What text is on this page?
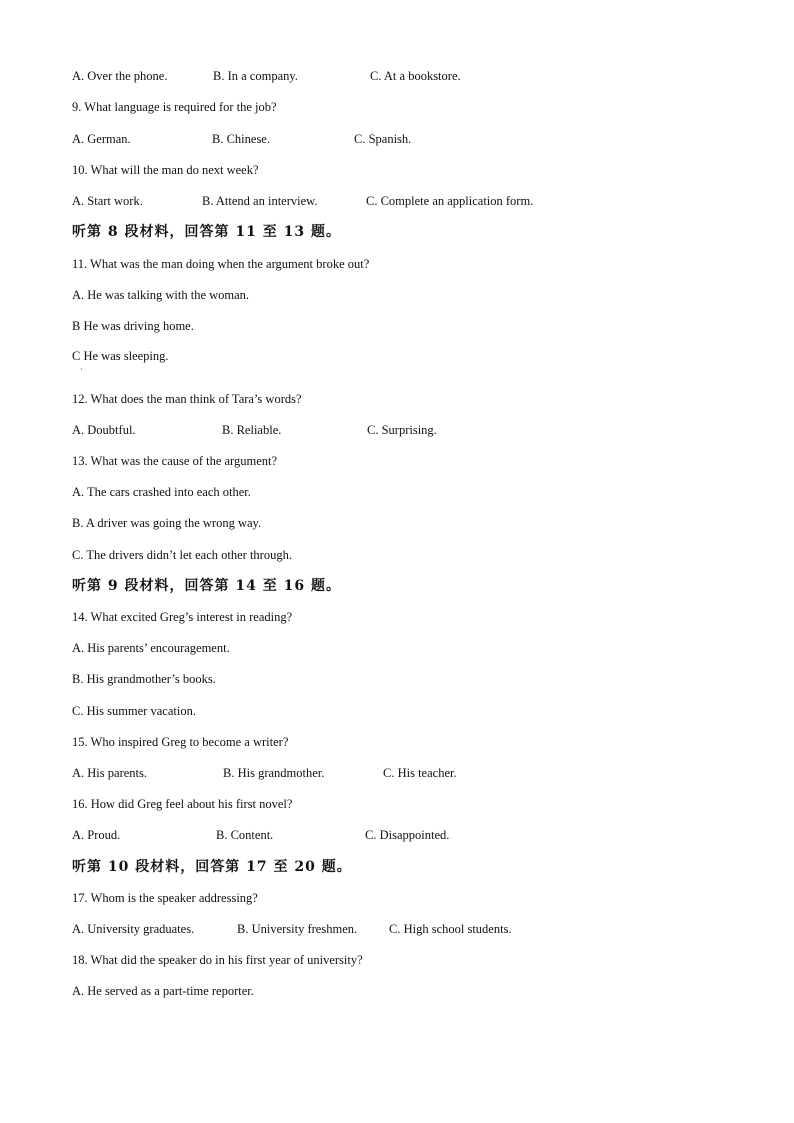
A. Over the phone.	B. In a company.	C. At a bookstore.
9. What language is required for the job?
A. German.	B. Chinese.	C. Spanish.
10. What will the man do next week?
A. Start work.	B. Attend an interview.	C. Complete an application form.
听第 8 段材料，回答第 11 至 13 题。
11. What was the man doing when the argument broke out?
A. He was talking with the woman.
B He was driving home.
C He was sleeping.
·
12. What does the man think of Tara’s words?
A. Doubtful.	B. Reliable.	C. Surprising.
13. What was the cause of the argument?
A. The cars crashed into each other.
B. A driver was going the wrong way.
C. The drivers didn’t let each other through.
听第 9 段材料，回答第 14 至 16 题。
14. What excited Greg’s interest in reading?
A. His parents’ encouragement.
B. His grandmother’s books.
C. His summer vacation.
15. Who inspired Greg to become a writer?
A. His parents.	B. His grandmother.	C. His teacher.
16. How did Greg feel about his first novel?
A. Proud.	B. Content.	C. Disappointed.
听第 10 段材料，回答第 17 至 20 题。
17. Whom is the speaker addressing?
A. University graduates.	B. University freshmen.	C. High school students.
18. What did the speaker do in his first year of university?
A. He served as a part-time reporter.
